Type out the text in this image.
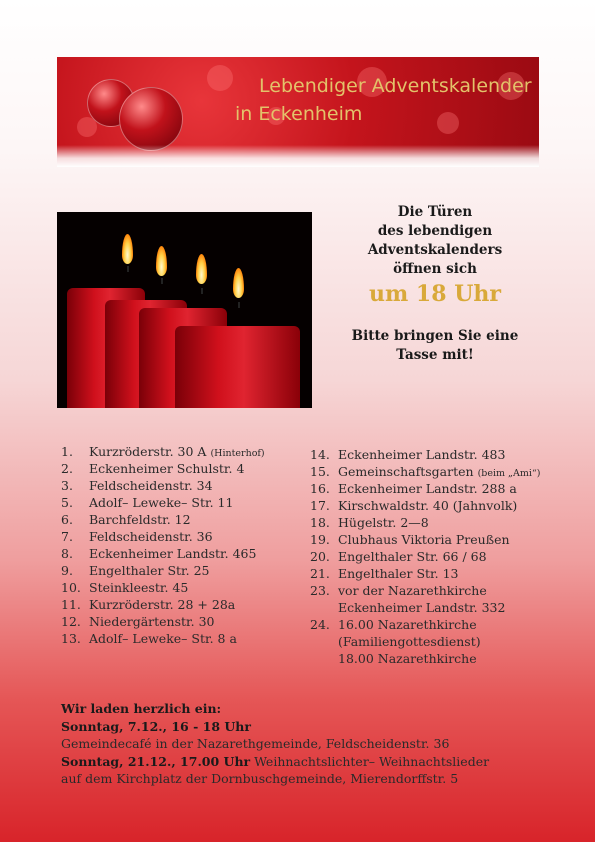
Lebendiger Adventskalender
in Eckenheim
Die Türen
des lebendigen
Adventskalenders
öffnen sich
um 18 Uhr
Bitte bringen Sie eine
Tasse mit!
1. Kurzröderstr. 30 A (Hinterhof)
2. Eckenheimer Schulstr. 4
3. Feldscheidenstr. 34
5. Adolf– Leweke– Str. 11
6. Barchfeldstr. 12
7. Feldscheidenstr. 36
8. Eckenheimer Landstr. 465
9. Engelthaler Str. 25
10. Steinkleestr. 45
11. Kurzröderstr. 28 + 28a
12. Niedergärtenstr. 30
13. Adolf– Leweke– Str. 8 a
14. Eckenheimer Landstr. 483
15. Gemeinschaftsgarten (beim „Ami“)
16. Eckenheimer Landstr. 288 a
17. Kirschwaldstr. 40 (Jahnvolk)
18. Hügelstr. 2—8
19. Clubhaus Viktoria Preußen
20. Engelthaler Str. 66 / 68
21. Engelthaler Str. 13
23. vor der Nazarethkirche
Eckenheimer Landstr. 332
24. 16.00 Nazarethkirche
(Familiengottesdienst)
18.00 Nazarethkirche
Wir laden herzlich ein:
Sonntag, 7.12., 16 - 18 Uhr
Gemeindecafé in der Nazarethgemeinde, Feldscheidenstr. 36
Sonntag, 21.12., 17.00 Uhr Weihnachtslichter– Weihnachtslieder
auf dem Kirchplatz der Dornbuschgemeinde, Mierendorffstr. 5
